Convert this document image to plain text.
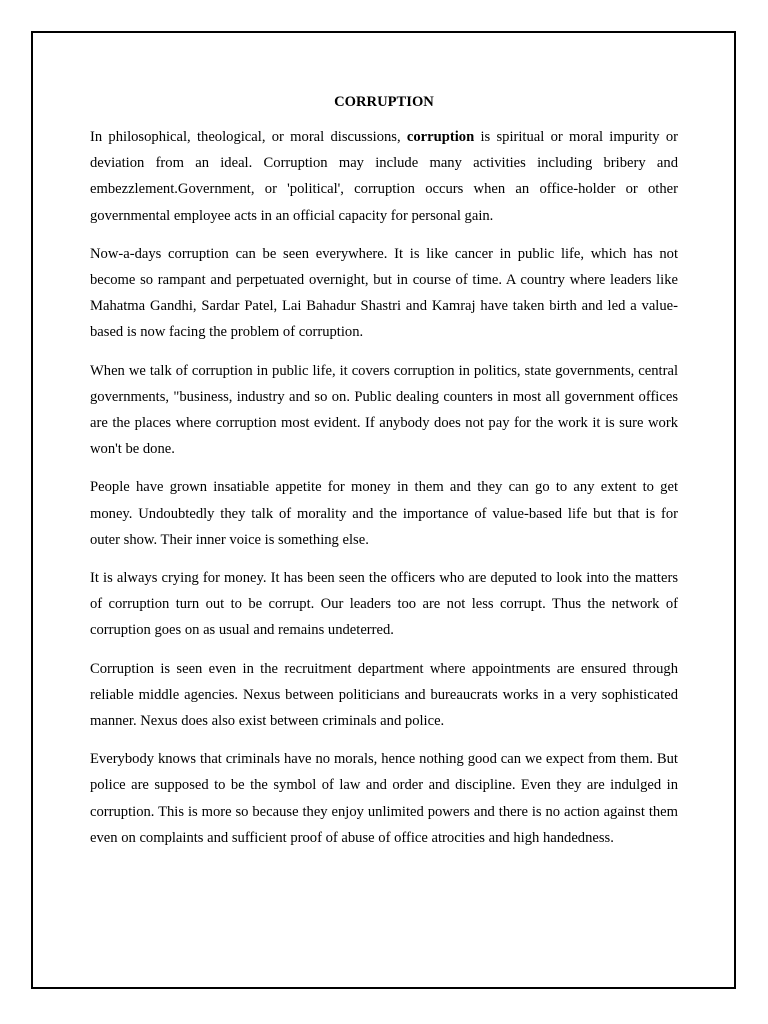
CORRUPTION

In philosophical, theological, or moral discussions, corruption is spiritual or moral impurity or deviation from an ideal. Corruption may include many activities including bribery and embezzlement.Government, or 'political', corruption occurs when an office-holder or other governmental employee acts in an official capacity for personal gain.

Now-a-days corruption can be seen everywhere. It is like cancer in public life, which has not become so rampant and perpetuated overnight, but in course of time. A country where leaders like Mahatma Gandhi, Sardar Patel, Lai Bahadur Shastri and Kamraj have taken birth and led a value-based is now facing the problem of corruption.

When we talk of corruption in public life, it covers corruption in politics, state governments, central governments, "business, industry and so on. Public dealing counters in most all government offices are the places where corruption most evident. If anybody does not pay for the work it is sure work won't be done.

People have grown insatiable appetite for money in them and they can go to any extent to get money. Undoubtedly they talk of morality and the importance of value-based life but that is for outer show. Their inner voice is something else.

It is always crying for money. It has been seen the officers who are deputed to look into the matters of corruption turn out to be corrupt. Our leaders too are not less corrupt. Thus the network of corruption goes on as usual and remains undeterred.

Corruption is seen even in the recruitment department where appointments are ensured through reliable middle agencies. Nexus between politicians and bureaucrats works in a very sophisticated manner. Nexus does also exist between criminals and police.

Everybody knows that criminals have no morals, hence nothing good can we expect from them. But police are supposed to be the symbol of law and order and discipline. Even they are indulged in corruption. This is more so because they enjoy unlimited powers and there is no action against them even on complaints and sufficient proof of abuse of office atrocities and high handedness.
